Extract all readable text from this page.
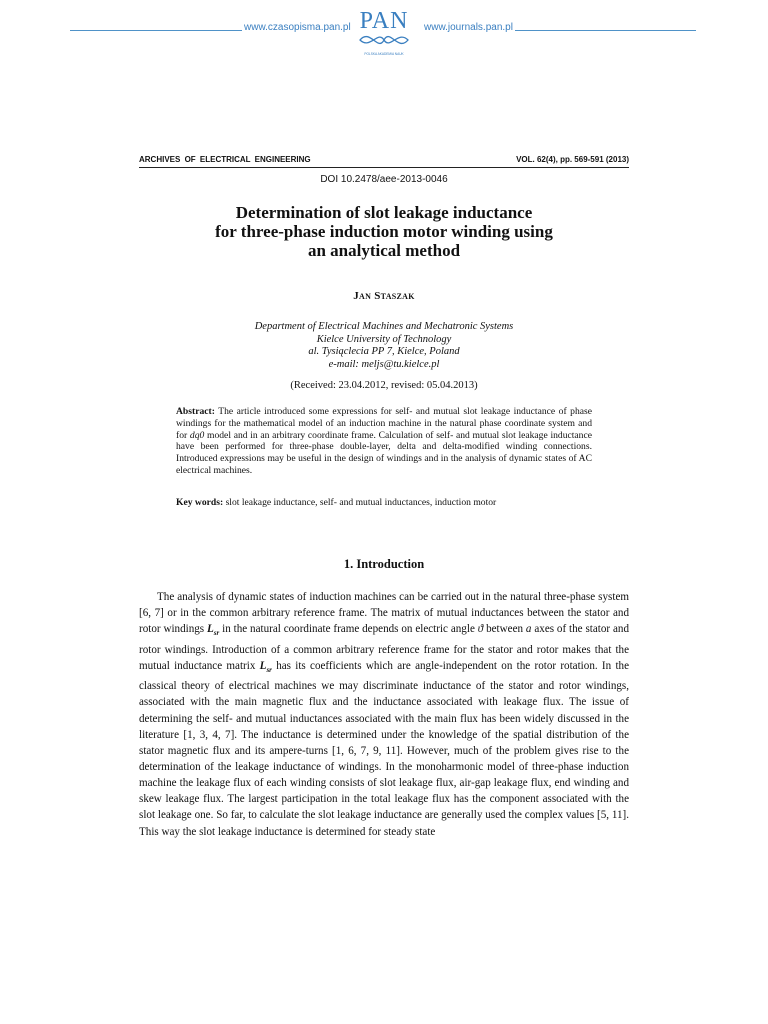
www.czasopisma.pan.pl PAN
POLSKA AKADEMIA NAUK
www.journals.pan.pl
ARCHIVES OF ELECTRICAL ENGINEERING	VOL. 62(4), pp. 569-591 (2013)
DOI 10.2478/aee-2013-0046
Determination of slot leakage inductance
for three-phase induction motor winding using
an analytical method
Jan Staszak
Department of Electrical Machines and Mechatronic Systems
Kielce University of Technology
al. Tysiąclecia PP 7, Kielce, Poland
e-mail: meljs@tu.kielce.pl
(Received: 23.04.2012, revised: 05.04.2013)

Abstract: The article introduced some expressions for self- and mutual slot leakage inductance of phase windings for the mathematical model of an induction machine in the natural phase coordinate system and for dq0 model and in an arbitrary coordinate frame. Calculation of self- and mutual slot leakage inductance have been performed for three-phase double-layer, delta and delta-modified winding connections. Introduced expressions may be useful in the design of windings and in the analysis of dynamic states of AC electrical machines.

Key words: slot leakage inductance, self- and mutual inductances, induction motor

1. Introduction

The analysis of dynamic states of induction machines can be carried out in the natural three-phase system [6, 7] or in the common arbitrary reference frame. The matrix of mutual inductances between the stator and rotor windings $L_{sr}$ in the natural coordinate frame depends on electric angle ϑ between a axes of the stator and rotor windings. Introduction of a common arbitrary reference frame for the stator and rotor makes that the mutual inductance matrix $L_{sr}$ has its coefficients which are angle-independent on the rotor rotation. In the classical theory of electrical machines we may discriminate inductance of the stator and rotor windings, associated with the main magnetic flux and the inductance associated with leakage flux. The issue of determining the self- and mutual inductances associated with the main flux has been widely discussed in the literature [1, 3, 4, 7]. The inductance is determined under the knowledge of the spatial distribution of the stator magnetic flux and its ampere-turns [1, 6, 7, 9, 11]. However, much of the problem gives rise to the determination of the leakage inductance of windings. In the monoharmonic model of three-phase induction machine the leakage flux of each winding consists of slot leakage flux, air-gap leakage flux, end winding and skew leakage flux. The largest participation in the total leakage flux has the component associated with the slot leakage one. So far, to calculate the slot leakage inductance are generally used the complex values [5, 11]. This way the slot leakage inductance is determined for steady state
